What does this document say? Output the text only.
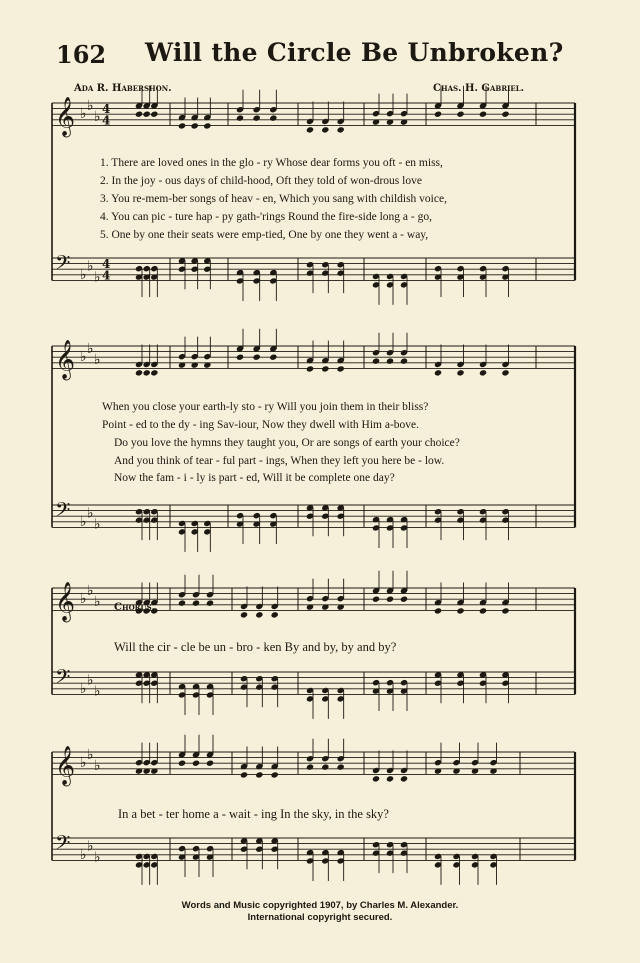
162 Will the Circle Be Unbroken?
Ada R. Habershon.	Chas. H. Gabriel.
𝄞 ♭
♭
♭ 4
4
𝄢 ♭
♭
♭
4
4
𝄞 ♭
♭
♭
𝄢 ♭
♭
♭
𝄞 ♭
♭
♭
𝄢 ♭
♭
♭
𝄞 ♭
♭
♭
𝄢 ♭
♭
♭
1. There are loved ones in the glo - ry Whose dear forms you oft - en miss,
2. In the joy - ous days of child-hood, Oft they told of won-drous love
3. You re-mem-ber songs of heav - en, Which you sang with childish voice,
4. You can pic - ture hap - py gath-'rings Round the fire-side long a - go,
5. One by one their seats were emp-tied, One by one they went a - way,
When you close your earth-ly sto - ry Will you join them in their bliss?
Point - ed to the dy - ing Sav-iour, Now they dwell with Him a-bove.
Do you love the hymns they taught you, Or are songs of earth your choice?
And you think of tear - ful part - ings, When they left you here be - low.
Now the fam - i - ly is part - ed, Will it be complete one day?
Chorus.
Will the cir - cle be un - bro - ken By and by, by and by?
In a bet - ter home a - wait - ing In the sky, in the sky?
Words and Music copyrighted 1907, by Charles M. Alexander.
International copyright secured.
